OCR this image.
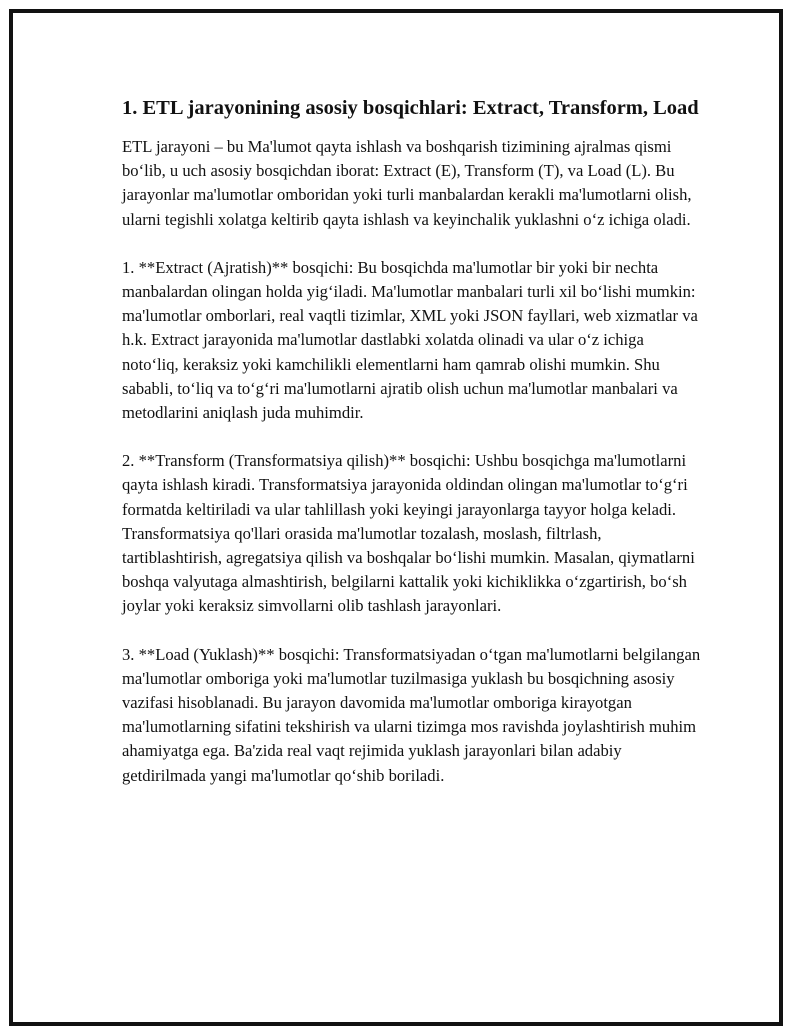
1. ETL jarayonining asosiy bosqichlari: Extract, Transform, Load

ETL jarayoni – bu Ma'lumot qayta ishlash va boshqarish tizimining ajralmas qismi bo‘lib, u uch asosiy bosqichdan iborat: Extract (E), Transform (T), va Load (L). Bu jarayonlar ma'lumotlar omboridan yoki turli manbalardan kerakli ma'lumotlarni olish, ularni tegishli xolatga keltirib qayta ishlash va keyinchalik yuklashni o‘z ichiga oladi.

1. **Extract (Ajratish)** bosqichi: Bu bosqichda ma'lumotlar bir yoki bir nechta manbalardan olingan holda yig‘iladi. Ma'lumotlar manbalari turli xil bo‘lishi mumkin: ma'lumotlar omborlari, real vaqtli tizimlar, XML yoki JSON fayllari, web xizmatlar va h.k. Extract jarayonida ma'lumotlar dastlabki xolatda olinadi va ular o‘z ichiga noto‘liq, keraksiz yoki kamchilikli elementlarni ham qamrab olishi mumkin. Shu sababli, to‘liq va to‘g‘ri ma'lumotlarni ajratib olish uchun ma'lumotlar manbalari va metodlarini aniqlash juda muhimdir.

2. **Transform (Transformatsiya qilish)** bosqichi: Ushbu bosqichga ma'lumotlarni qayta ishlash kiradi. Transformatsiya jarayonida oldindan olingan ma'lumotlar to‘g‘ri formatda keltiriladi va ular tahlillash yoki keyingi jarayonlarga tayyor holga keladi. Transformatsiya qo'llari orasida ma'lumotlar tozalash, moslash, filtrlash, tartiblashtirish, agregatsiya qilish va boshqalar bo‘lishi mumkin. Masalan, qiymatlarni boshqa valyutaga almashtirish, belgilarni kattalik yoki kichiklikka o‘zgartirish, bo‘sh joylar yoki keraksiz simvollarni olib tashlash jarayonlari.

3. **Load (Yuklash)** bosqichi: Transformatsiyadan o‘tgan ma'lumotlarni belgilangan ma'lumotlar omboriga yoki ma'lumotlar tuzilmasiga yuklash bu bosqichning asosiy vazifasi hisoblanadi. Bu jarayon davomida ma'lumotlar omboriga kirayotgan ma'lumotlarning sifatini tekshirish va ularni tizimga mos ravishda joylashtirish muhim ahamiyatga ega. Ba'zida real vaqt rejimida yuklash jarayonlari bilan adabiy getdirilmada yangi ma'lumotlar qo‘shib boriladi.
